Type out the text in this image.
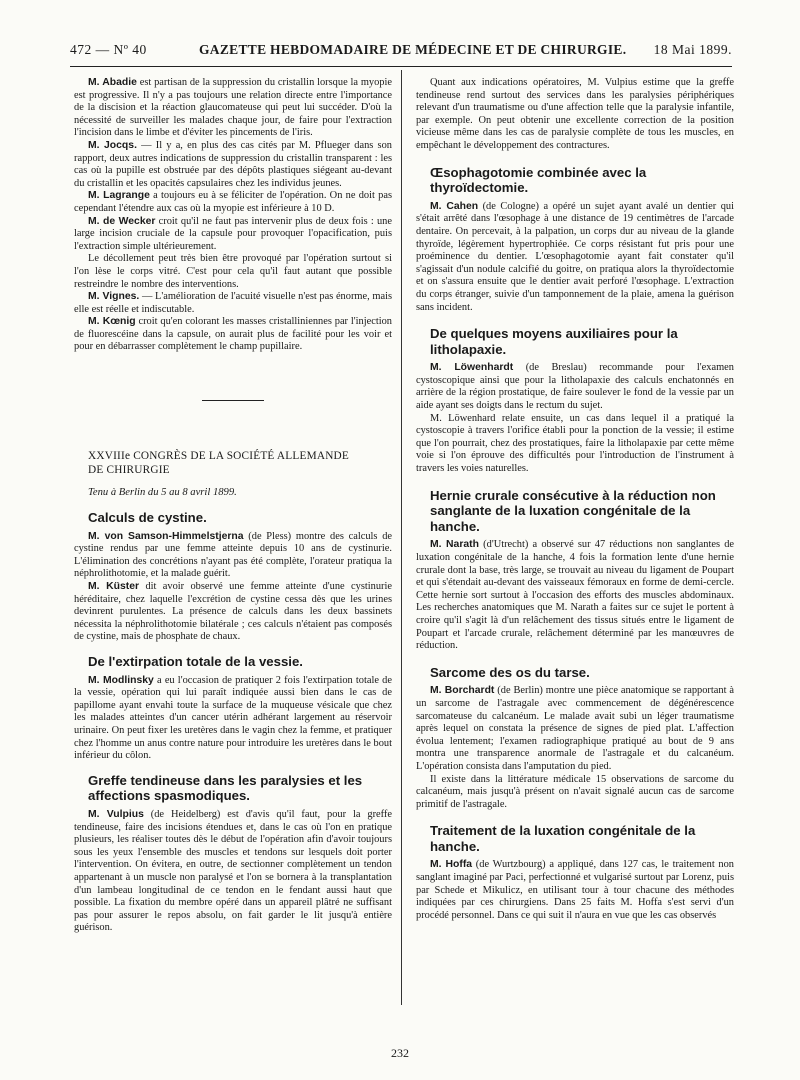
472 — Nº 40	GAZETTE HEBDOMADAIRE DE MÉDECINE ET DE CHIRURGIE. 18 Mai 1899.

M. Abadie est partisan de la suppression du cristallin lorsque la myopie est progressive. Il n'y a pas toujours une relation directe entre l'importance de la discision et la réaction glaucomateuse qui peut lui succéder. D'où la nécessité de surveiller les malades chaque jour, de faire pour l'extraction l'incision dans le limbe et d'éviter les pincements de l'iris.

M. Jocqs. — Il y a, en plus des cas cités par M. Pflueger dans son rapport, deux autres indications de suppression du cristallin transparent : les cas où la pupille est obstruée par des dépôts plastiques siégeant au-devant du cristallin et les opacités capsulaires chez les individus jeunes.

M. Lagrange a toujours eu à se féliciter de l'opération. On ne doit pas cependant l'étendre aux cas où la myopie est inférieure à 10 D.

M. de Wecker croit qu'il ne faut pas intervenir plus de deux fois : une large incision cruciale de la capsule pour provoquer l'opacification, puis l'extraction simple ultérieurement.

Le décollement peut très bien être provoqué par l'opération surtout si l'on lèse le corps vitré. C'est pour cela qu'il faut autant que possible restreindre le nombre des interventions.

M. Vignes. — L'amélioration de l'acuité visuelle n'est pas énorme, mais elle est réelle et indiscutable.

M. Kœnig croit qu'en colorant les masses cristalliniennes par l'injection de fluorescéine dans la capsule, on aurait plus de facilité pour les voir et pour en débarrasser complètement le champ pupillaire.

XXVIIIe CONGRÈS DE LA SOCIÉTÉ ALLEMANDE

DE CHIRURGIE

Tenu à Berlin du 5 au 8 avril 1899.

Calculs de cystine.

M. von Samson-Himmelstjerna (de Pless) montre des calculs de cystine rendus par une femme atteinte depuis 10 ans de cystinurie. L'élimination des concrétions n'ayant pas été complète, l'orateur pratiqua la néphrolithotomie, et la malade guérit.

M. Küster dit avoir observé une femme atteinte d'une cystinurie héréditaire, chez laquelle l'excrétion de cystine cessa dès que les urines devinrent purulentes. La présence de calculs dans les deux bassinets nécessita la néphrolithotomie bilatérale ; ces calculs n'étaient pas composés de cystine, mais de phosphate de chaux.

De l'extirpation totale de la vessie.

M. Modlinsky a eu l'occasion de pratiquer 2 fois l'extirpation totale de la vessie, opération qui lui paraît indiquée aussi bien dans le cas de papillome ayant envahi toute la surface de la muqueuse vésicale que chez les malades atteintes d'un cancer utérin adhérant largement au réservoir urinaire. On peut fixer les uretères dans le vagin chez la femme, et pratiquer chez l'homme un anus contre nature pour introduire les uretères dans le bout inférieur du côlon.

Greffe tendineuse dans les paralysies et les

affections spasmodiques.

M. Vulpius (de Heidelberg) est d'avis qu'il faut, pour la greffe tendineuse, faire des incisions étendues et, dans le cas où l'on en pratique plusieurs, les réaliser toutes dès le début de l'opération afin d'avoir toujours sous les yeux l'ensemble des muscles et tendons sur lesquels doit porter l'intervention. On évitera, en outre, de sectionner complètement un tendon appartenant à un muscle non paralysé et l'on se bornera à la transplantation d'un lambeau longitudinal de ce tendon en le fendant aussi haut que possible. La fixation du membre opéré dans un appareil plâtré ne suffisant pas pour assurer le repos absolu, on fait garder le lit jusqu'à entière guérison.

Quant aux indications opératoires, M. Vulpius estime que la greffe tendineuse rend surtout des services dans les paralysies périphériques relevant d'un traumatisme ou d'une affection telle que la paralysie infantile, par exemple. On peut obtenir une excellente correction de la position vicieuse même dans les cas de paralysie complète de tous les muscles, en empêchant le développement des contractures.

Œsophagotomie combinée avec la

thyroïdectomie.

M. Cahen (de Cologne) a opéré un sujet ayant avalé un dentier qui s'était arrêté dans l'œsophage à une distance de 19 centimètres de l'arcade dentaire. On percevait, à la palpation, un corps dur au niveau de la glande thyroïde, légèrement hypertrophiée. Ce corps résistant fut pris pour une proéminence du dentier. L'œsophagotomie ayant fait constater qu'il s'agissait d'un nodule calcifié du goitre, on pratiqua alors la thyroïdectomie et on s'assura ensuite que le dentier avait perforé l'œsophage. L'extraction du corps étranger, suivie d'un tamponnement de la plaie, amena la guérison sans incident.

De quelques moyens auxiliaires pour la

litholapaxie.

M. Löwenhardt (de Breslau) recommande pour l'examen cystoscopique ainsi que pour la litholapaxie des calculs enchatonnés en arrière de la région prostatique, de faire soulever le fond de la vessie par un aide ayant ses doigts dans le rectum du sujet.

M. Löwenhard relate ensuite, un cas dans lequel il a pratiqué la cystoscopie à travers l'orifice établi pour la ponction de la vessie; il estime que l'on pourrait, chez des prostatiques, faire la litholapaxie par cette même voie si l'on éprouve des difficultés pour l'introduction de l'instrument à travers les voies naturelles.

Hernie crurale consécutive à la réduction non

sanglante de la luxation congénitale de la

hanche.

M. Narath (d'Utrecht) a observé sur 47 réductions non sanglantes de luxation congénitale de la hanche, 4 fois la formation lente d'une hernie crurale dont la base, très large, se trouvait au niveau du ligament de Poupart et qui s'étendait au-devant des vaisseaux fémoraux en forme de demi-cercle. Cette hernie sort surtout à l'occasion des efforts des muscles abdominaux. Les recherches anatomiques que M. Narath a faites sur ce sujet le portent à croire qu'il s'agit là d'un relâchement des tissus situés entre le ligament de Poupart et l'arcade crurale, relâchement déterminé par les manœuvres de réduction.

Sarcome des os du tarse.

M. Borchardt (de Berlin) montre une pièce anatomique se rapportant à un sarcome de l'astragale avec commencement de dégénérescence sarcomateuse du calcanéum. Le malade avait subi un léger traumatisme après lequel on constata la présence de signes de pied plat. L'affection évolua lentement; l'examen radiographique pratiqué au bout de 9 ans montra une transparence anormale de l'astragale et du calcanéum. L'opération consista dans l'amputation du pied.

Il existe dans la littérature médicale 15 observations de sarcome du calcanéum, mais jusqu'à présent on n'avait signalé aucun cas de sarcome primitif de l'astragale.

Traitement de la luxation congénitale de la

hanche.

M. Hoffa (de Wurtzbourg) a appliqué, dans 127 cas, le traitement non sanglant imaginé par Paci, perfectionné et vulgarisé surtout par Lorenz, puis par Schede et Mikulicz, en utilisant tour à tour chacune des méthodes indiquées par ces chirurgiens. Dans 25 faits M. Hoffa s'est servi d'un procédé personnel. Dans ce qui suit il n'aura en vue que les cas observés

232
